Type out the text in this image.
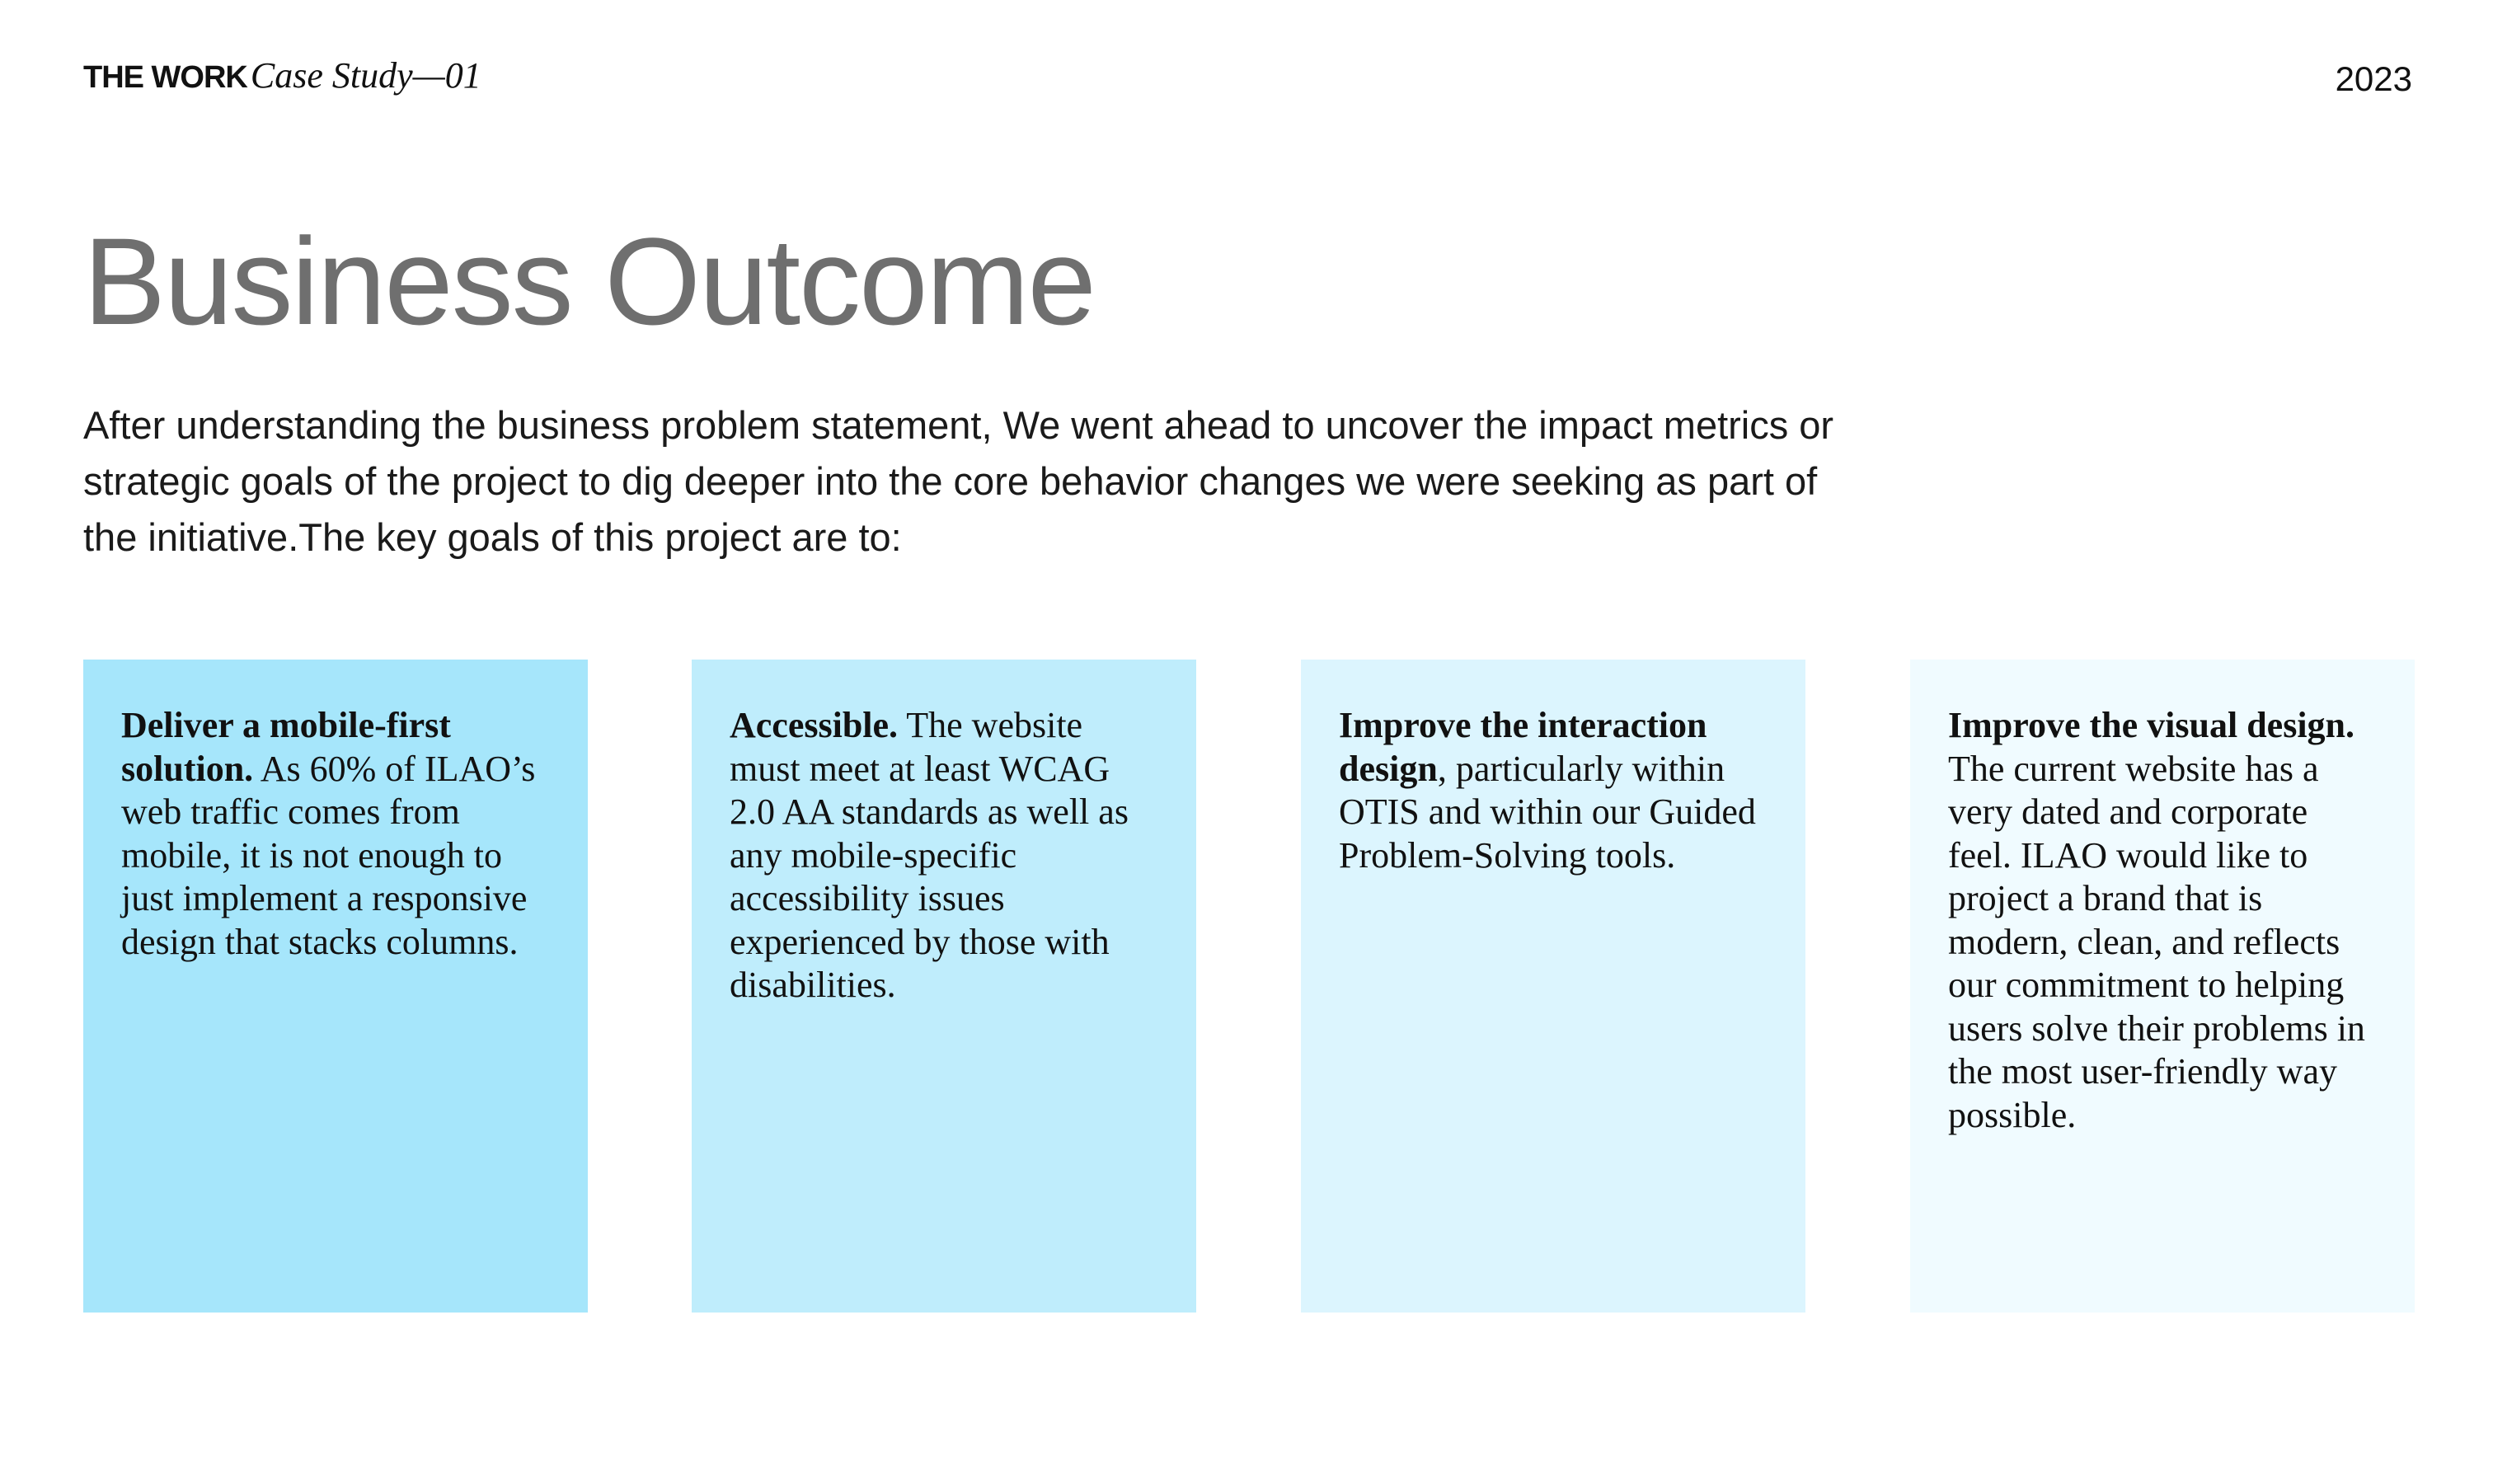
THE WORK Case Study—01	2023
Business Outcome

After understanding the business problem statement, We went ahead to uncover the impact metrics or strategic goals of the project to dig deeper into the core behavior changes we were seeking as part of the initiative.The key goals of this project are to:

Deliver a mobile-first solution. As 60% of ILAO’s web traffic comes from mobile, it is not enough to just implement a responsive design that stacks columns.
Accessible. The website must meet at least WCAG 2.0 AA standards as well as any mobile-specific accessibility issues experienced by those with disabilities.
Improve the interaction design, particularly within OTIS and within our Guided Problem-Solving tools.
Improve the visual design. The current website has a very dated and corporate feel. ILAO would like to project a brand that is modern, clean, and reflects our commitment to helping users solve their problems in the most user-friendly way possible.
